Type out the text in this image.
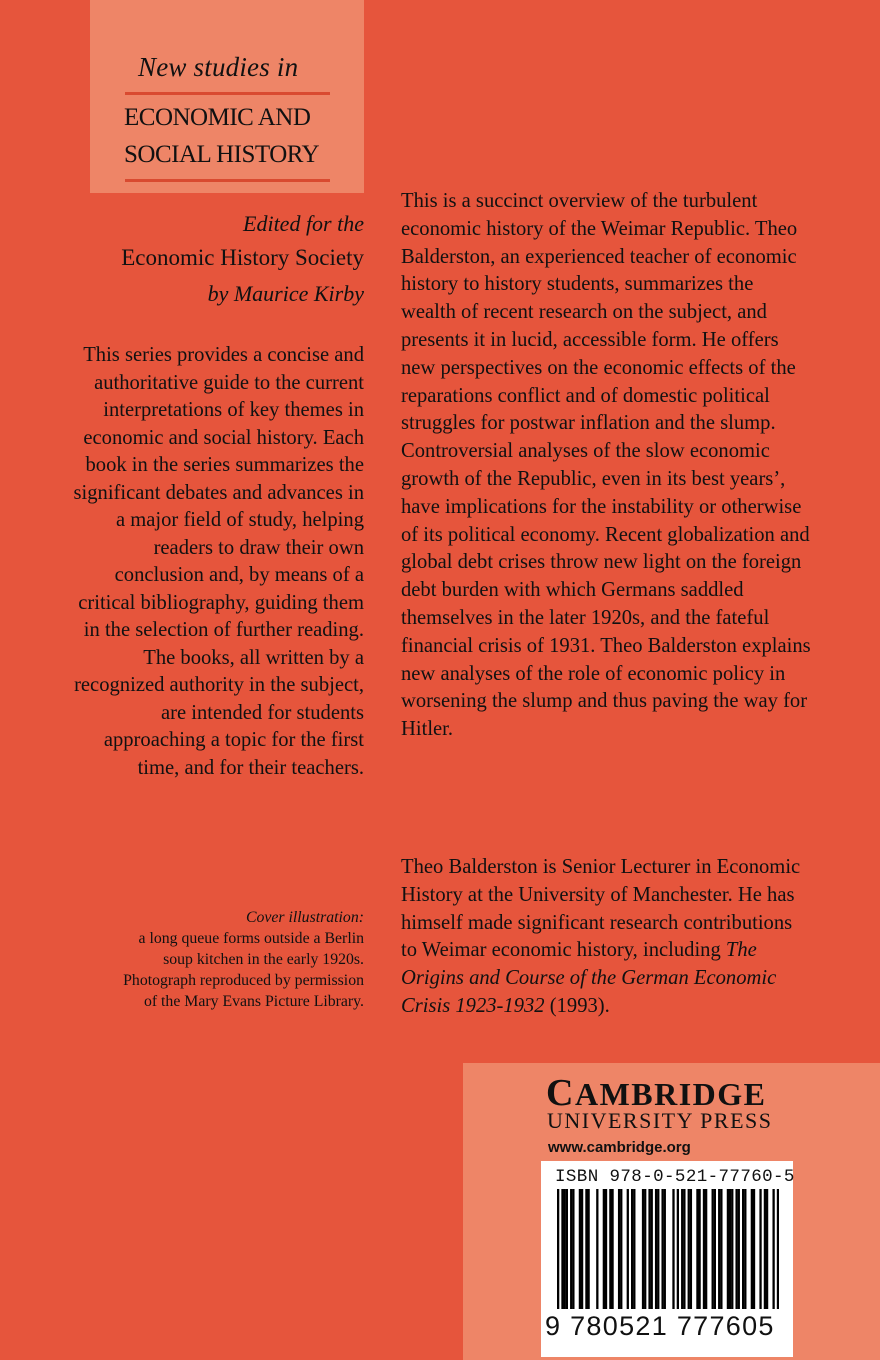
New studies in
ECONOMIC AND
SOCIAL HISTORY
Edited for the
Economic History Society
by Maurice Kirby

This series provides a concise and authoritative guide to the current interpretations of key themes in economic and social history. Each book in the series summarizes the significant debates and advances in a major field of study, helping readers to draw their own conclusion and, by means of a critical bibliography, guiding them in the selection of further reading. The books, all written by a recognized authority in the subject, are intended for students approaching a topic for the first time, and for their teachers.

Cover illustration:
a long queue forms outside a Berlin soup kitchen in the early 1920s. Photograph reproduced by permission of the Mary Evans Picture Library.

This is a succinct overview of the turbulent economic history of the Weimar Republic. Theo Balderston, an experienced teacher of economic history to history students, summarizes the wealth of recent research on the subject, and presents it in lucid, accessible form. He offers new perspectives on the economic effects of the reparations conflict and of domestic political struggles for postwar inflation and the slump. Controversial analyses of the slow economic growth of the Republic, even in its best years’, have implications for the instability or otherwise of its political economy. Recent globalization and global debt crises throw new light on the foreign debt burden with which Germans saddled themselves in the later 1920s, and the fateful financial crisis of 1931. Theo Balderston explains new analyses of the role of economic policy in worsening the slump and thus paving the way for Hitler.

Theo Balderston is Senior Lecturer in Economic History at the University of Manchester. He has himself made significant research contributions to Weimar economic history, including The Origins and Course of the German Economic Crisis 1923-1932 (1993).

CAMBRIDGE
UNIVERSITY PRESS
www.cambridge.org
ISBN 978-0-521-77760-5
9 780521 777605
